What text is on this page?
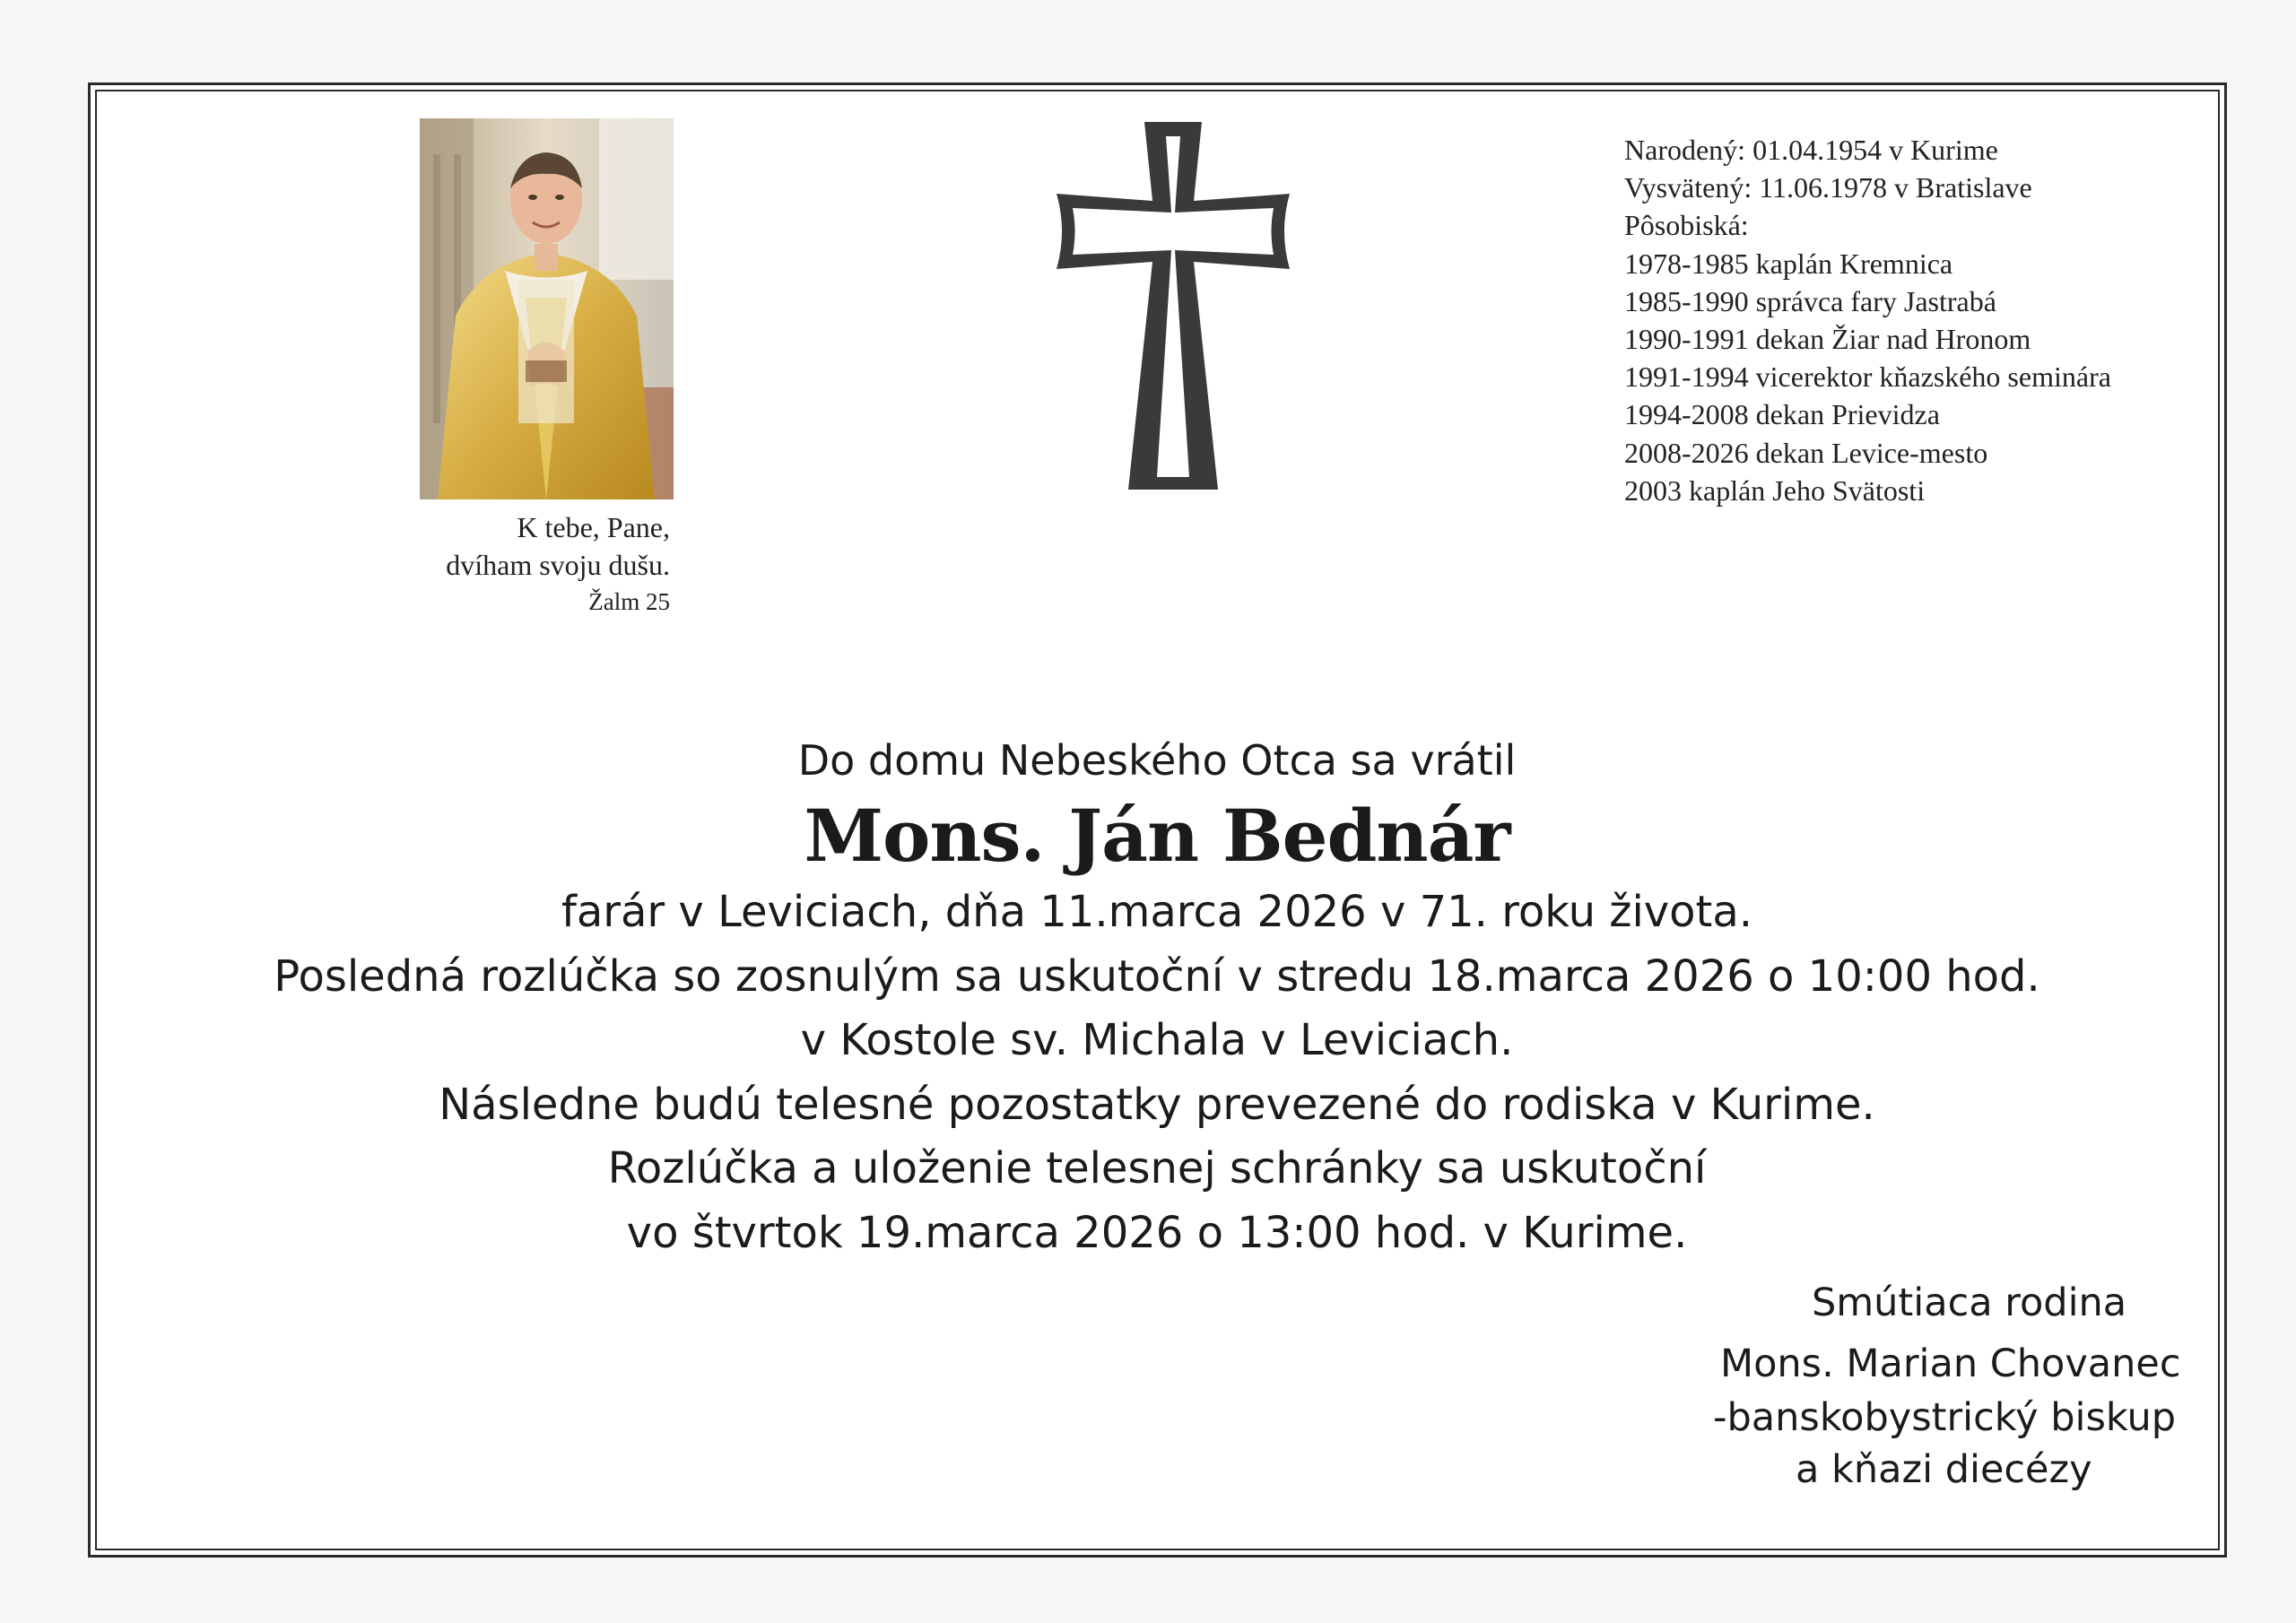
K tebe, Pane,
dvíham svoju dušu.
Žalm 25
Narodený: 01.04.1954 v Kurime
Vysvätený: 11.06.1978 v Bratislave
Pôsobiská:
1978-1985 kaplán Kremnica
1985-1990 správca fary Jastrabá
1990-1991 dekan Žiar nad Hronom
1991-1994 vicerektor kňazského seminára
1994-2008 dekan Prievidza
2008-2026 dekan Levice-mesto
2003 kaplán Jeho Svätosti
Do domu Nebeského Otca sa vrátil
Mons. Ján Bednár
farár v Leviciach, dňa 11.marca 2026 v 71. roku života.
Posledná rozlúčka so zosnulým sa uskutoční v stredu 18.marca 2026 o 10:00 hod.
v Kostole sv. Michala v Leviciach.
Následne budú telesné pozostatky prevezené do rodiska v Kurime.
Rozlúčka a uloženie telesnej schránky sa uskutoční
vo štvrtok 19.marca 2026 o 13:00 hod. v Kurime.
Smútiaca rodina
Mons. Marian Chovanec
-banskobystrický biskup
a kňazi diecézy
